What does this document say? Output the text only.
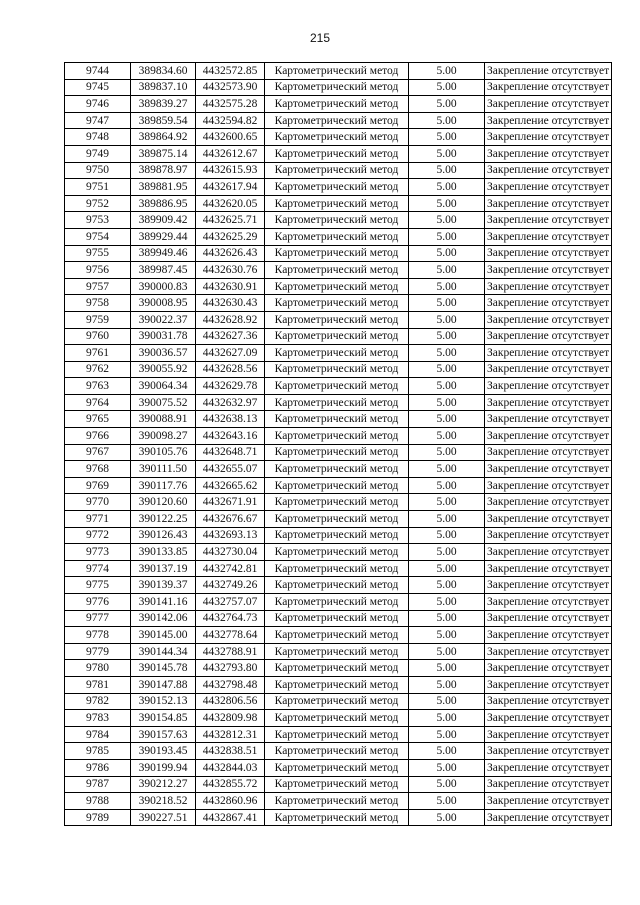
215
9744	389834.60	4432572.85	Картометрический метод	5.00	Закрепление отсутствует
9745	389837.10	4432573.90	Картометрический метод	5.00	Закрепление отсутствует
9746	389839.27	4432575.28	Картометрический метод	5.00	Закрепление отсутствует
9747	389859.54	4432594.82	Картометрический метод	5.00	Закрепление отсутствует
9748	389864.92	4432600.65	Картометрический метод	5.00	Закрепление отсутствует
9749	389875.14	4432612.67	Картометрический метод	5.00	Закрепление отсутствует
9750	389878.97	4432615.93	Картометрический метод	5.00	Закрепление отсутствует
9751	389881.95	4432617.94	Картометрический метод	5.00	Закрепление отсутствует
9752	389886.95	4432620.05	Картометрический метод	5.00	Закрепление отсутствует
9753	389909.42	4432625.71	Картометрический метод	5.00	Закрепление отсутствует
9754	389929.44	4432625.29	Картометрический метод	5.00	Закрепление отсутствует
9755	389949.46	4432626.43	Картометрический метод	5.00	Закрепление отсутствует
9756	389987.45	4432630.76	Картометрический метод	5.00	Закрепление отсутствует
9757	390000.83	4432630.91	Картометрический метод	5.00	Закрепление отсутствует
9758	390008.95	4432630.43	Картометрический метод	5.00	Закрепление отсутствует
9759	390022.37	4432628.92	Картометрический метод	5.00	Закрепление отсутствует
9760	390031.78	4432627.36	Картометрический метод	5.00	Закрепление отсутствует
9761	390036.57	4432627.09	Картометрический метод	5.00	Закрепление отсутствует
9762	390055.92	4432628.56	Картометрический метод	5.00	Закрепление отсутствует
9763	390064.34	4432629.78	Картометрический метод	5.00	Закрепление отсутствует
9764	390075.52	4432632.97	Картометрический метод	5.00	Закрепление отсутствует
9765	390088.91	4432638.13	Картометрический метод	5.00	Закрепление отсутствует
9766	390098.27	4432643.16	Картометрический метод	5.00	Закрепление отсутствует
9767	390105.76	4432648.71	Картометрический метод	5.00	Закрепление отсутствует
9768	390111.50	4432655.07	Картометрический метод	5.00	Закрепление отсутствует
9769	390117.76	4432665.62	Картометрический метод	5.00	Закрепление отсутствует
9770	390120.60	4432671.91	Картометрический метод	5.00	Закрепление отсутствует
9771	390122.25	4432676.67	Картометрический метод	5.00	Закрепление отсутствует
9772	390126.43	4432693.13	Картометрический метод	5.00	Закрепление отсутствует
9773	390133.85	4432730.04	Картометрический метод	5.00	Закрепление отсутствует
9774	390137.19	4432742.81	Картометрический метод	5.00	Закрепление отсутствует
9775	390139.37	4432749.26	Картометрический метод	5.00	Закрепление отсутствует
9776	390141.16	4432757.07	Картометрический метод	5.00	Закрепление отсутствует
9777	390142.06	4432764.73	Картометрический метод	5.00	Закрепление отсутствует
9778	390145.00	4432778.64	Картометрический метод	5.00	Закрепление отсутствует
9779	390144.34	4432788.91	Картометрический метод	5.00	Закрепление отсутствует
9780	390145.78	4432793.80	Картометрический метод	5.00	Закрепление отсутствует
9781	390147.88	4432798.48	Картометрический метод	5.00	Закрепление отсутствует
9782	390152.13	4432806.56	Картометрический метод	5.00	Закрепление отсутствует
9783	390154.85	4432809.98	Картометрический метод	5.00	Закрепление отсутствует
9784	390157.63	4432812.31	Картометрический метод	5.00	Закрепление отсутствует
9785	390193.45	4432838.51	Картометрический метод	5.00	Закрепление отсутствует
9786	390199.94	4432844.03	Картометрический метод	5.00	Закрепление отсутствует
9787	390212.27	4432855.72	Картометрический метод	5.00	Закрепление отсутствует
9788	390218.52	4432860.96	Картометрический метод	5.00	Закрепление отсутствует
9789	390227.51	4432867.41	Картометрический метод	5.00	Закрепление отсутствует
